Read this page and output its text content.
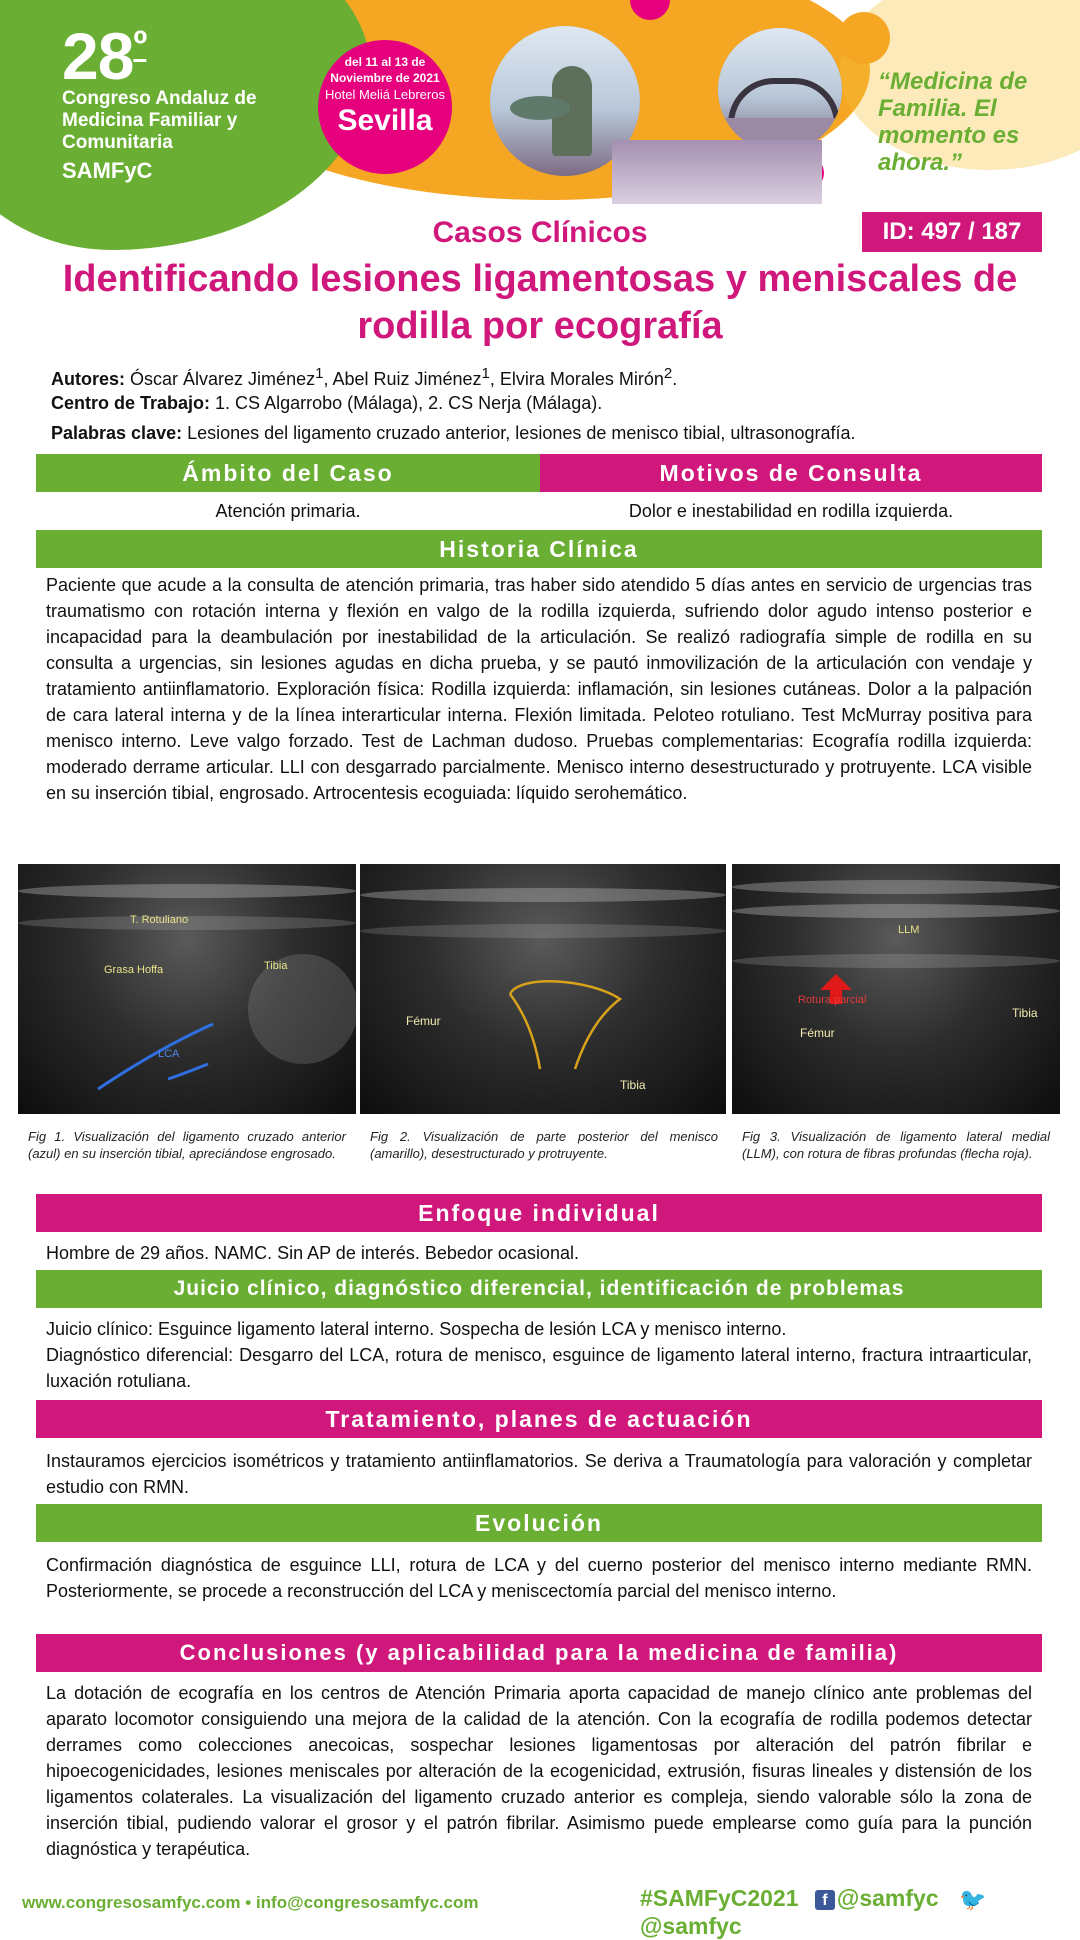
$28^º$
Congreso Andaluz de Medicina Familiar y Comunitaria
SAMFyC
del 11 al 13 de Noviembre de 2021
Hotel Meliá Lebreros
Sevilla
“Medicina de Familia. El momento es ahora.”
Casos Clínicos	ID: 497 / 187
Identificando lesiones ligamentosas y meniscales de rodilla por ecografía
Autores: Óscar Álvarez Jiménez$^1$, Abel Ruiz Jiménez$^1$, Elvira Morales Mirón$^2$.
Centro de Trabajo: 1. CS Algarrobo (Málaga), 2. CS Nerja (Málaga).
Palabras clave: Lesiones del ligamento cruzado anterior, lesiones de menisco tibial, ultrasonografía.
Ámbito del Caso	Motivos de Consulta
Atención primaria.	Dolor e inestabilidad en rodilla izquierda.
Historia Clínica
Paciente que acude a la consulta de atención primaria, tras haber sido atendido 5 días antes en servicio de urgencias tras traumatismo con rotación interna y flexión en valgo de la rodilla izquierda, sufriendo dolor agudo intenso posterior e incapacidad para la deambulación por inestabilidad de la articulación. Se realizó radiografía simple de rodilla en su consulta a urgencias, sin lesiones agudas en dicha prueba, y se pautó inmovilización de la articulación con vendaje y tratamiento antiinflamatorio. Exploración física: Rodilla izquierda: inflamación, sin lesiones cutáneas. Dolor a la palpación de cara lateral interna y de la línea interarticular interna. Flexión limitada. Peloteo rotuliano. Test McMurray positiva para menisco interno. Leve valgo forzado. Test de Lachman dudoso. Pruebas complementarias: Ecografía rodilla izquierda: moderado derrame articular. LLI con desgarrado parcialmente. Menisco interno desestructurado y protruyente. LCA visible en su inserción tibial, engrosado. Artrocentesis ecoguiada: líquido serohemático.
T. Rotuliano
Grasa Hoffa	Tibia
LCA
Fémur
Tibia
LLM
Rotura parcial
Fémur
Tibia
Fig 1. Visualización del ligamento cruzado anterior (azul) en su inserción tibial, apreciándose engrosado.
Fig 2. Visualización de parte posterior del menisco (amarillo), desestructurado y protruyente.
Fig 3. Visualización de ligamento lateral medial (LLM), con rotura de fibras profundas (flecha roja).
Enfoque individual
Hombre de 29 años. NAMC. Sin AP de interés. Bebedor ocasional.
Juicio clínico, diagnóstico diferencial, identificación de problemas
Juicio clínico: Esguince ligamento lateral interno. Sospecha de lesión LCA y menisco interno.
Diagnóstico diferencial: Desgarro del LCA, rotura de menisco, esguince de ligamento lateral interno, fractura intraarticular, luxación rotuliana.
Tratamiento, planes de actuación
Instauramos ejercicios isométricos y tratamiento antiinflamatorios. Se deriva a Traumatología para valoración y completar estudio con RMN.
Evolución
Confirmación diagnóstica de esguince LLI, rotura de LCA y del cuerno posterior del menisco interno mediante RMN. Posteriormente, se procede a reconstrucción del LCA y meniscectomía parcial del menisco interno.
Conclusiones (y aplicabilidad para la medicina de familia)
La dotación de ecografía en los centros de Atención Primaria aporta capacidad de manejo clínico ante problemas del aparato locomotor consiguiendo una mejora de la calidad de la atención. Con la ecografía de rodilla podemos detectar derrames como colecciones anecoicas, sospechar lesiones ligamentosas por alteración del patrón fibrilar e hipoecogenicidades, lesiones meniscales por alteración de la ecogenicidad, extrusión, fisuras lineales y distensión de los ligamentos colaterales. La visualización del ligamento cruzado anterior es compleja, siendo valorable sólo la zona de inserción tibial, pudiendo valorar el grosor y el patrón fibrilar. Asimismo puede emplearse como guía para la punción diagnóstica y terapéutica.
www.congresosamfyc.com • info@congresosamfyc.com	#SAMFyC2021 f @samfyc 🐦@samfyc
